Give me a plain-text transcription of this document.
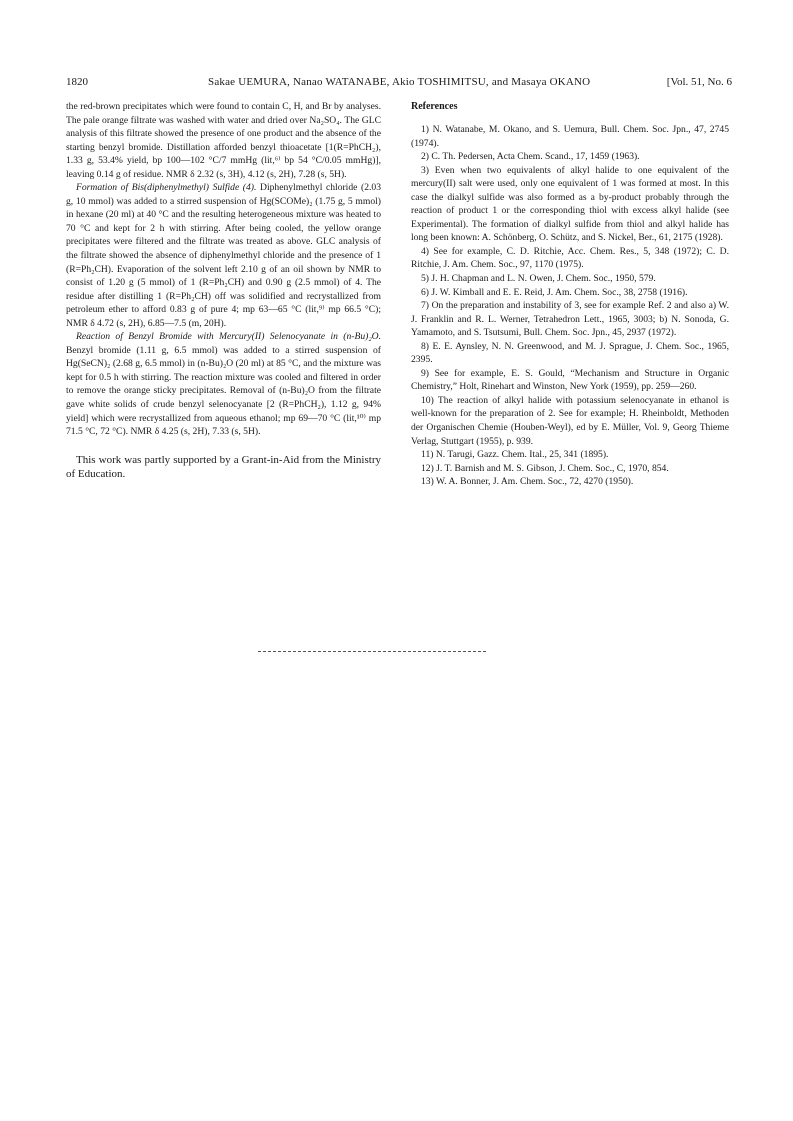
1820	Sakae UEMURA, Nanao WATANABE, Akio TOSHIMITSU, and Masaya OKANO	[Vol. 51, No. 6

the red-brown precipitates which were found to contain C, H, and Br by analyses. The pale orange filtrate was washed with water and dried over Na₂SO₄. The GLC analysis of this filtrate showed the presence of one product and the absence of the starting benzyl bromide. Distillation afforded benzyl thioacetate [1(R=PhCH₂), 1.33 g, 53.4% yield, bp 100—102 °C/7 mmHg (lit,⁶⁾ bp 54 °C/0.05 mmHg)], leaving 0.14 g of residue. NMR δ 2.32 (s, 3H), 4.12 (s, 2H), 7.28 (s, 5H).

Formation of Bis(diphenylmethyl) Sulfide (4). Diphenylmethyl chloride (2.03 g, 10 mmol) was added to a stirred suspension of Hg(SCOMe)₂ (1.75 g, 5 mmol) in hexane (20 ml) at 40 °C and the resulting heterogeneous mixture was heated to 70 °C and kept for 2 h with stirring. After being cooled, the yellow orange precipitates were filtered and the filtrate was treated as above. GLC analysis of the filtrate showed the absence of diphenylmethyl chloride and the presence of 1 (R=Ph₂CH). Evaporation of the solvent left 2.10 g of an oil shown by NMR to consist of 1.20 g (5 mmol) of 1 (R=Ph₂CH) and 0.90 g (2.5 mmol) of 4. The residue after distilling 1 (R=Ph₂CH) off was solidified and recrystallized from petroleum ether to afford 0.83 g of pure 4; mp 63—65 °C (lit,⁹⁾ mp 66.5 °C); NMR δ 4.72 (s, 2H), 6.85—7.5 (m, 20H).

Reaction of Benzyl Bromide with Mercury(II) Selenocyanate in (n-Bu)₂O. Benzyl bromide (1.11 g, 6.5 mmol) was added to a stirred suspension of Hg(SeCN)₂ (2.68 g, 6.5 mmol) in (n-Bu)₂O (20 ml) at 85 °C, and the mixture was kept for 0.5 h with stirring. The reaction mixture was cooled and filtered in order to remove the orange sticky precipitates. Removal of (n-Bu)₂O from the filtrate gave white solids of crude benzyl selenocyanate [2 (R=PhCH₂), 1.12 g, 94% yield] which were recrystallized from aqueous ethanol; mp 69—70 °C (lit,¹⁰⁾ mp 71.5 °C, 72 °C). NMR δ 4.25 (s, 2H), 7.33 (s, 5H).

This work was partly supported by a Grant-in-Aid from the Ministry of Education.

References

1) N. Watanabe, M. Okano, and S. Uemura, Bull. Chem. Soc. Jpn., 47, 2745 (1974).

2) C. Th. Pedersen, Acta Chem. Scand., 17, 1459 (1963).

3) Even when two equivalents of alkyl halide to one equivalent of the mercury(II) salt were used, only one equivalent of 1 was formed at most. In this case the dialkyl sulfide was also formed as a by-product probably through the reaction of product 1 or the corresponding thiol with excess alkyl halide (see Experimental). The formation of dialkyl sulfide from thiol and alkyl halide has long been known: A. Schönberg, O. Schütz, and S. Nickel, Ber., 61, 2175 (1928).

4) See for example, C. D. Ritchie, Acc. Chem. Res., 5, 348 (1972); C. D. Ritchie, J. Am. Chem. Soc., 97, 1170 (1975).

5) J. H. Chapman and L. N. Owen, J. Chem. Soc., 1950, 579.

6) J. W. Kimball and E. E. Reid, J. Am. Chem. Soc., 38, 2758 (1916).

7) On the preparation and instability of 3, see for example Ref. 2 and also a) W. J. Franklin and R. L. Werner, Tetrahedron Lett., 1965, 3003; b) N. Sonoda, G. Yamamoto, and S. Tsutsumi, Bull. Chem. Soc. Jpn., 45, 2937 (1972).

8) E. E. Aynsley, N. N. Greenwood, and M. J. Sprague, J. Chem. Soc., 1965, 2395.

9) See for example, E. S. Gould, “Mechanism and Structure in Organic Chemistry,” Holt, Rinehart and Winston, New York (1959), pp. 259—260.

10) The reaction of alkyl halide with potassium selenocyanate in ethanol is well-known for the preparation of 2. See for example; H. Rheinboldt, Methoden der Organischen Chemie (Houben-Weyl), ed by E. Müller, Vol. 9, Georg Thieme Verlag, Stuttgart (1955), p. 939.

11) N. Tarugi, Gazz. Chem. Ital., 25, 341 (1895).

12) J. T. Barnish and M. S. Gibson, J. Chem. Soc., C, 1970, 854.

13) W. A. Bonner, J. Am. Chem. Soc., 72, 4270 (1950).
